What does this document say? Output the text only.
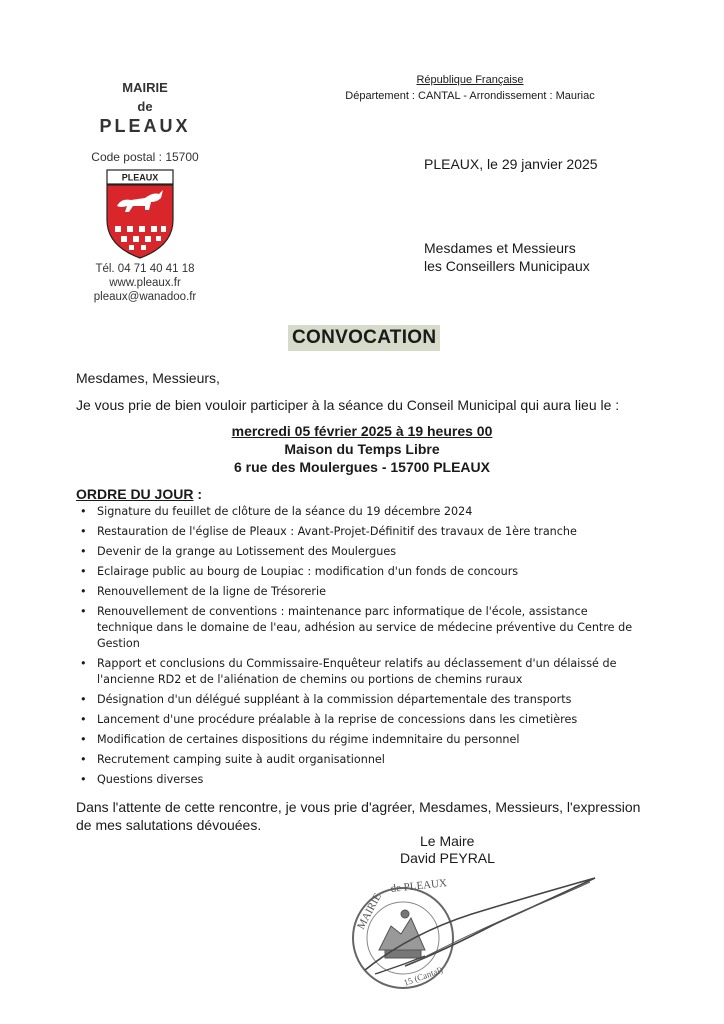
MAIRIE
de
PLEAUX
Code postal : 15700
PLEAUX
Tél. 04 71 40 41 18
www.pleaux.fr
pleaux@wanadoo.fr
République Française
Département : CANTAL - Arrondissement : Mauriac
PLEAUX, le 29 janvier 2025
Mesdames et Messieurs
les Conseillers Municipaux
CONVOCATION
Mesdames, Messieurs,
Je vous prie de bien vouloir participer à la séance du Conseil Municipal qui aura lieu le :
mercredi 05 février 2025 à 19 heures 00
Maison du Temps Libre
6 rue des Moulergues - 15700 PLEAUX
ORDRE DU JOUR :
• Signature du feuillet de clôture de la séance du 19 décembre 2024
• Restauration de l'église de Pleaux : Avant-Projet-Définitif des travaux de 1ère tranche
• Devenir de la grange au Lotissement des Moulergues
• Eclairage public au bourg de Loupiac : modification d'un fonds de concours
• Renouvellement de la ligne de Trésorerie
• Renouvellement de conventions : maintenance parc informatique de l'école, assistance technique dans le domaine de l'eau, adhésion au service de médecine préventive du Centre de Gestion
• Rapport et conclusions du Commissaire-Enquêteur relatifs au déclassement d'un délaissé de l'ancienne RD2 et de l'aliénation de chemins ou portions de chemins ruraux
• Désignation d'un délégué suppléant à la commission départementale des transports
• Lancement d'une procédure préalable à la reprise de concessions dans les cimetières
• Modification de certaines dispositions du régime indemnitaire du personnel
• Recrutement camping suite à audit organisationnel
• Questions diverses
Dans l'attente de cette rencontre, je vous prie d'agréer, Mesdames, Messieurs, l'expression de mes salutations dévouées.
Le Maire
David PEYRAL
MAIRIE
de PLEAUX
15 (Cantal)
